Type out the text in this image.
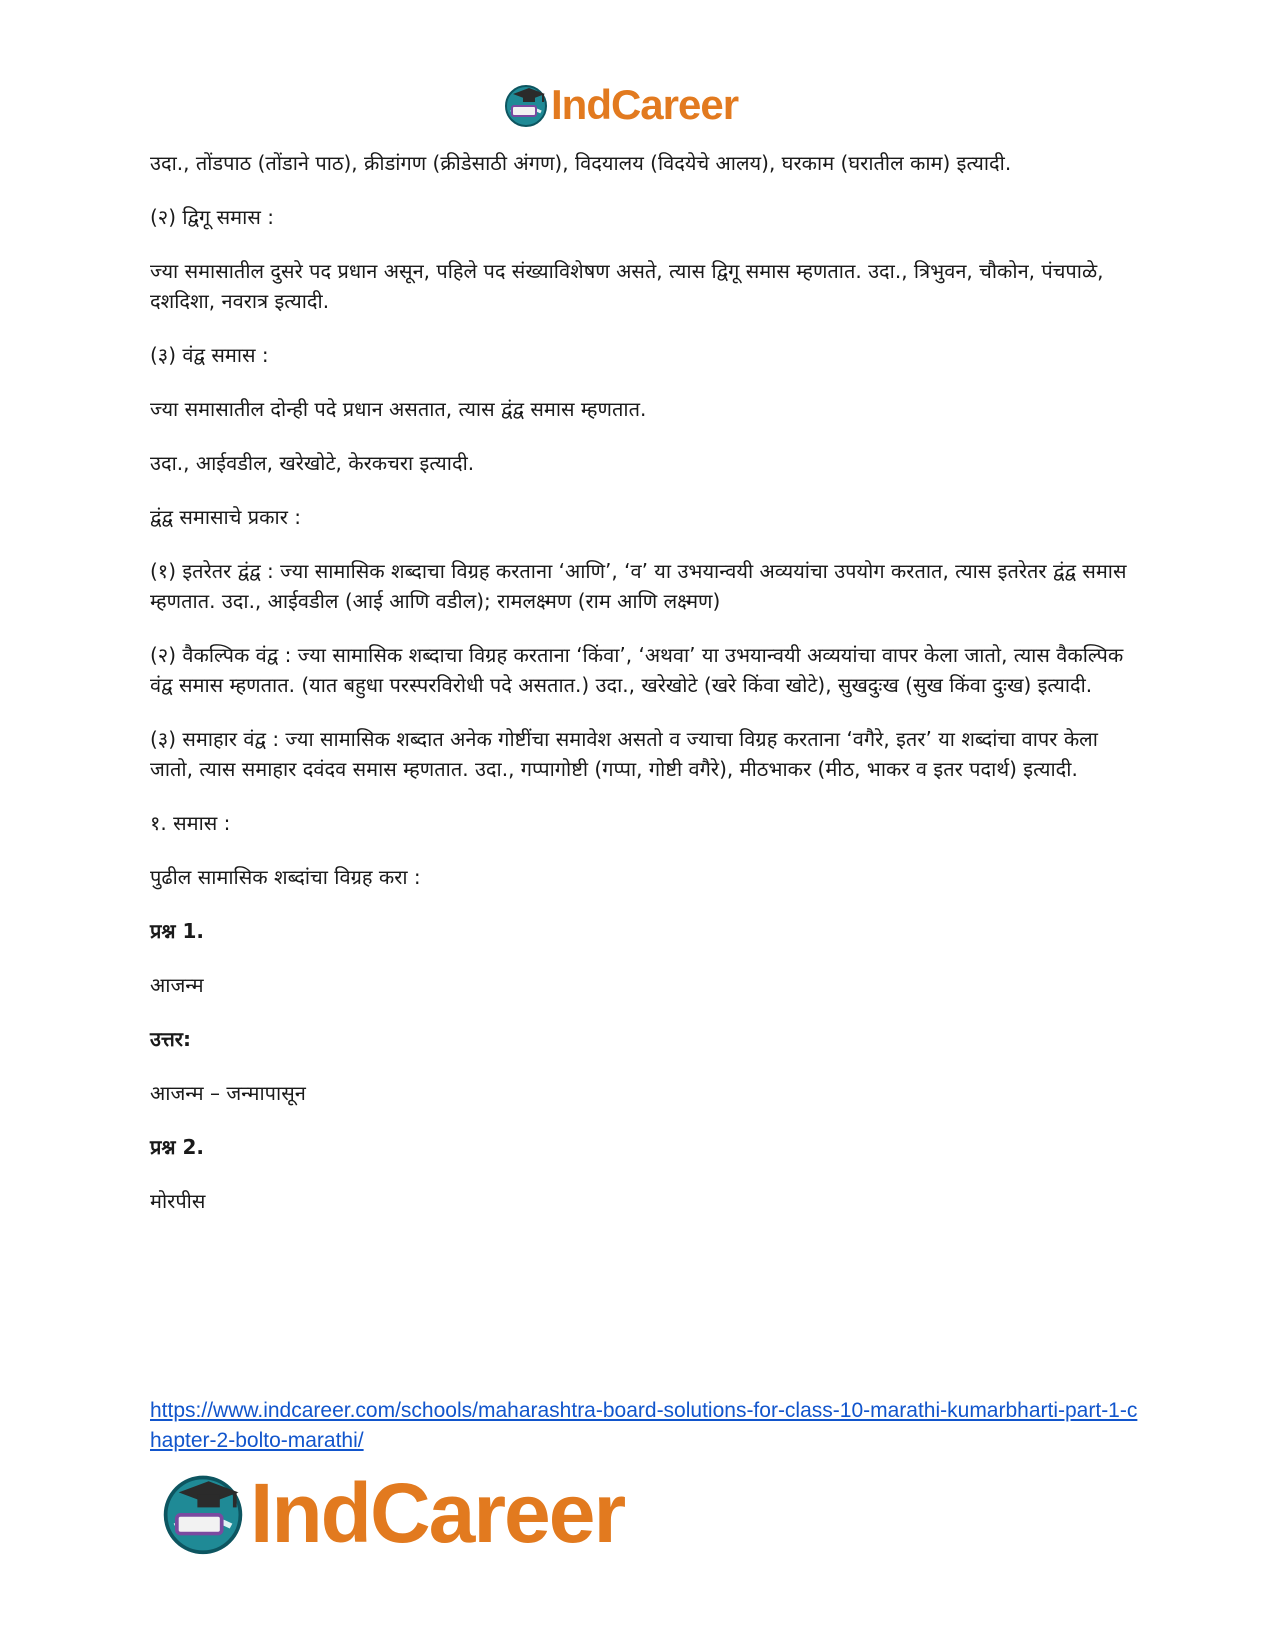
IndCareer

उदा., तोंडपाठ (तोंडाने पाठ), क्रीडांगण (क्रीडेसाठी अंगण), विदयालय (विदयेचे आलय), घरकाम (घरातील काम) इत्यादी.

(२) द्विगू समास :

ज्या समासातील दुसरे पद प्रधान असून, पहिले पद संख्याविशेषण असते, त्यास द्विगू समास म्हणतात. उदा., त्रिभुवन, चौकोन, पंचपाळे, दशदिशा, नवरात्र इत्यादी.

(३) वंद्व समास :

ज्या समासातील दोन्ही पदे प्रधान असतात, त्यास द्वंद्व समास म्हणतात.

उदा., आईवडील, खरेखोटे, केरकचरा इत्यादी.

द्वंद्व समासाचे प्रकार :

(१) इतरेतर द्वंद्व : ज्या सामासिक शब्दाचा विग्रह करताना ‘आणि’, ‘व’ या उभयान्वयी अव्ययांचा उपयोग करतात, त्यास इतरेतर द्वंद्व समास म्हणतात. उदा., आईवडील (आई आणि वडील); रामलक्ष्मण (राम आणि लक्ष्मण)

(२) वैकल्पिक वंद्व : ज्या सामासिक शब्दाचा विग्रह करताना ‘किंवा’, ‘अथवा’ या उभयान्वयी अव्ययांचा वापर केला जातो, त्यास वैकल्पिक वंद्व समास म्हणतात. (यात बहुधा परस्परविरोधी पदे असतात.) उदा., खरेखोटे (खरे किंवा खोटे), सुखदुःख (सुख किंवा दुःख) इत्यादी.

(३) समाहार वंद्व : ज्या सामासिक शब्दात अनेक गोष्टींचा समावेश असतो व ज्याचा विग्रह करताना ‘वगैरे, इतर’ या शब्दांचा वापर केला जातो, त्यास समाहार दवंदव समास म्हणतात. उदा., गप्पागोष्टी (गप्पा, गोष्टी वगैरे), मीठभाकर (मीठ, भाकर व इतर पदार्थ) इत्यादी.

१. समास :

पुढील सामासिक शब्दांचा विग्रह करा :

प्रश्न 1.

आजन्म

उत्तर:

आजन्म – जन्मापासून

प्रश्न 2.

मोरपीस

https://www.indcareer.com/schools/maharashtra-board-solutions-for-class-10-marathi-kumarbharti-part-1-chapter-2-bolto-marathi/
IndCareer
